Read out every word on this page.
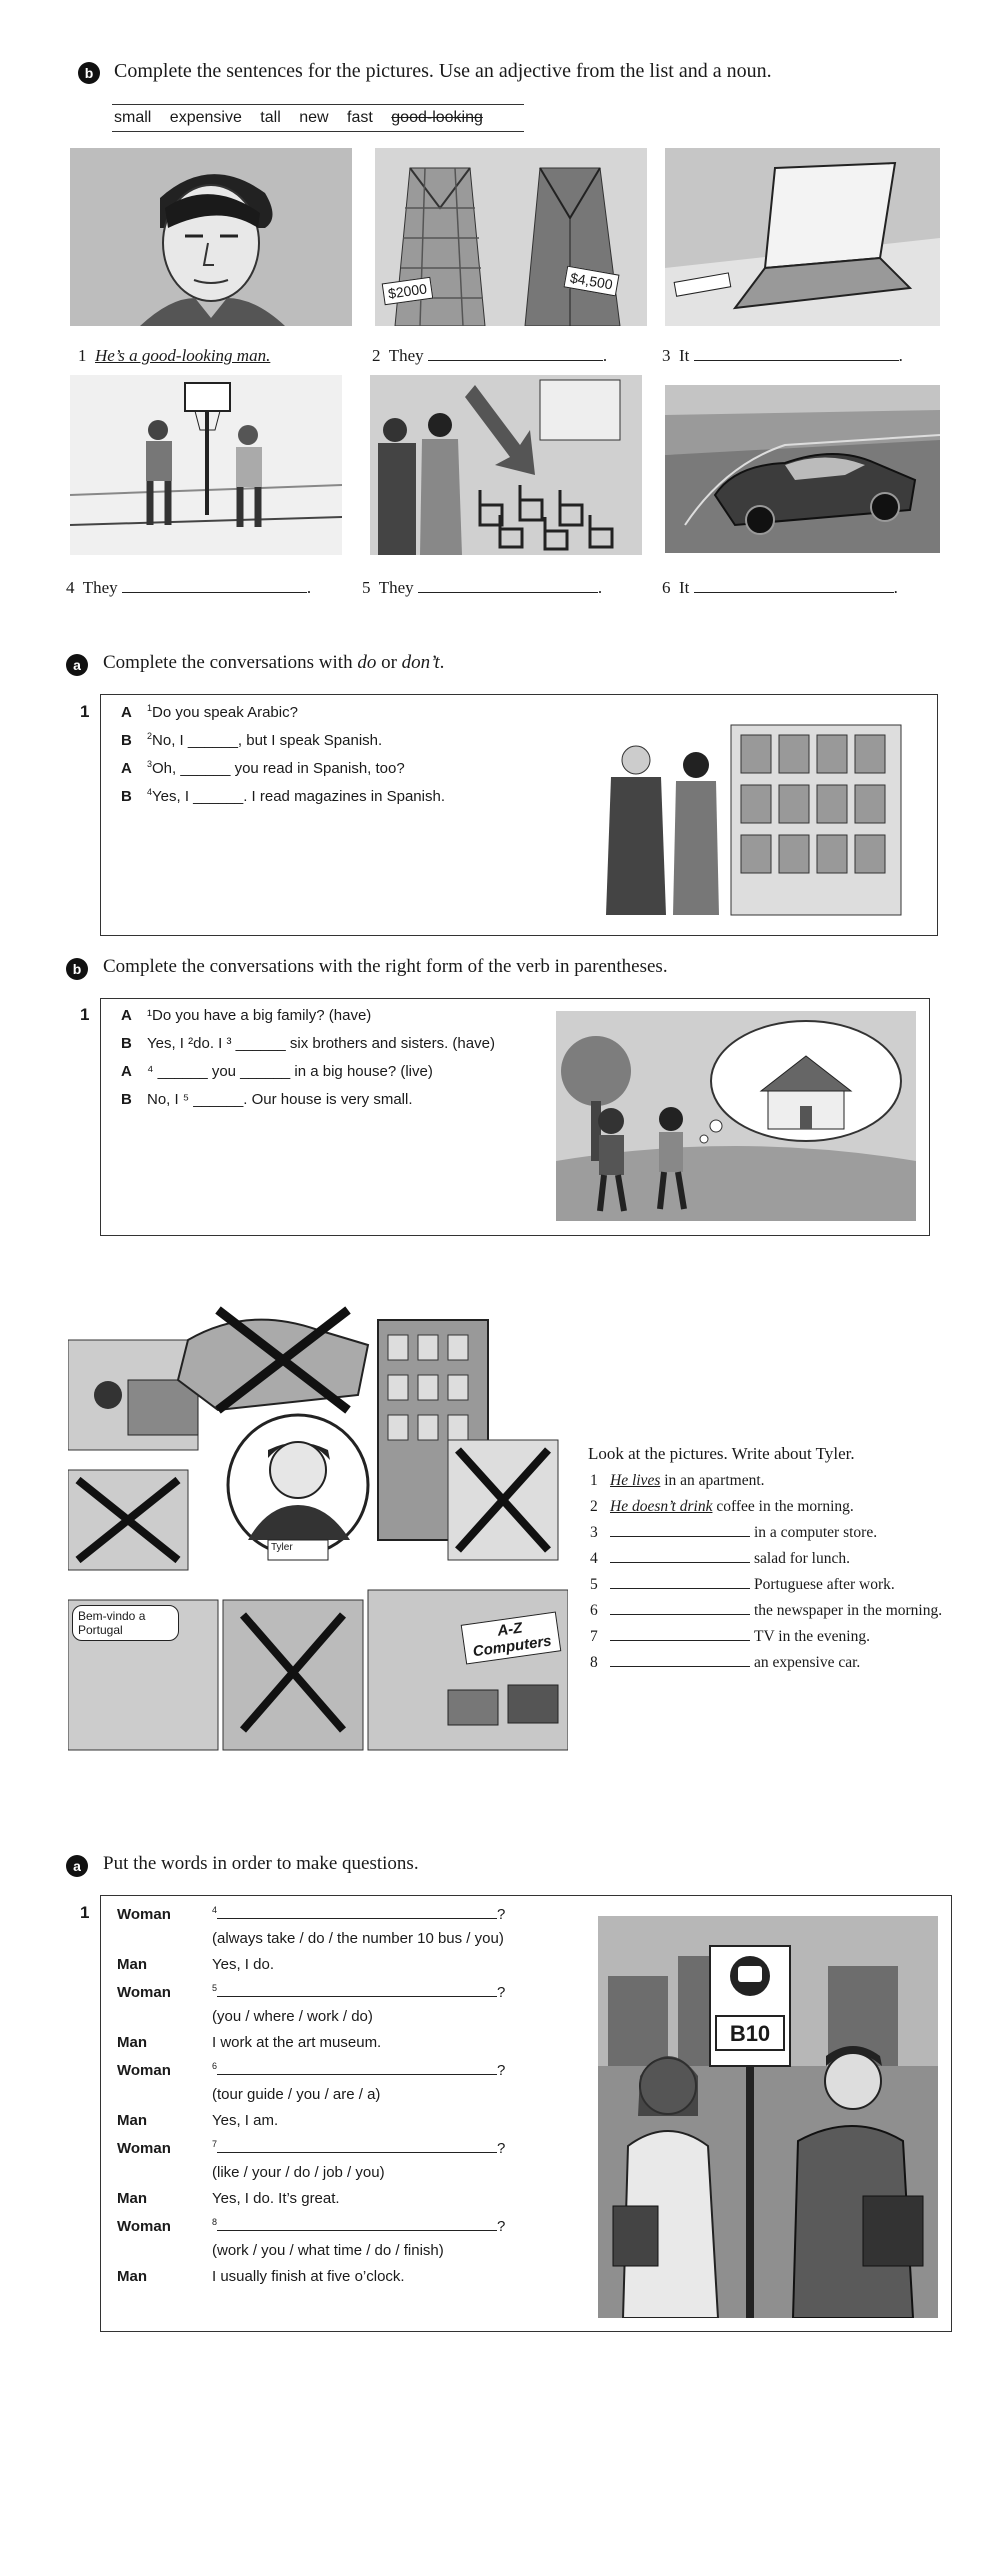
b	Complete the sentences for the pictures. Use an adjective from the list and a noun.
small expensive tall new fast good-looking
$2000	$4,500
1 He’s a good-looking man.	2 They	.	3 It	.
4 They	.	5 They	.	6 It	.
a	Complete the conversations with do or don’t.
1 A $^1$Do you speak Arabic?
B $^2$No, I ______, but I speak Spanish.
A $^3$Oh, ______ you read in Spanish, too?
B $^4$Yes, I ______. I read magazines in Spanish.
b	Complete the conversations with the right form of the verb in parentheses.
1 A ¹Do you have a big family? (have)
B Yes, I ²do. I ³ ______ six brothers and sisters. (have)
A ⁴ ______ you ______ in a big house? (live)
B No, I ⁵ ______. Our house is very small.
Tyler
Bem-vindo a Portugal	A-Z Computers
Look at the pictures. Write about Tyler.
1 He lives in an apartment.
2 He doesn’t drink coffee in the morning.
3	in a computer store.
4	salad for lunch.
5	Portuguese after work.
6	the newspaper in the morning.
7	TV in the evening.
8	an expensive car.
a	Put the words in order to make questions.
1 Woman	$^4$	?
(always take / do / the number 10 bus / you)
Man	Yes, I do.
Woman	$^5$	?
(you / where / work / do)
Man	I work at the art museum.
Woman	$^6$	?
(tour guide / you / are / a)
Man	Yes, I am.
Woman	$^7$	?
(like / your / do / job / you)
Man	Yes, I do. It’s great.
Woman	$^8$	?
(work / you / what time / do / finish)
Man	I usually finish at five o’clock.
B10
